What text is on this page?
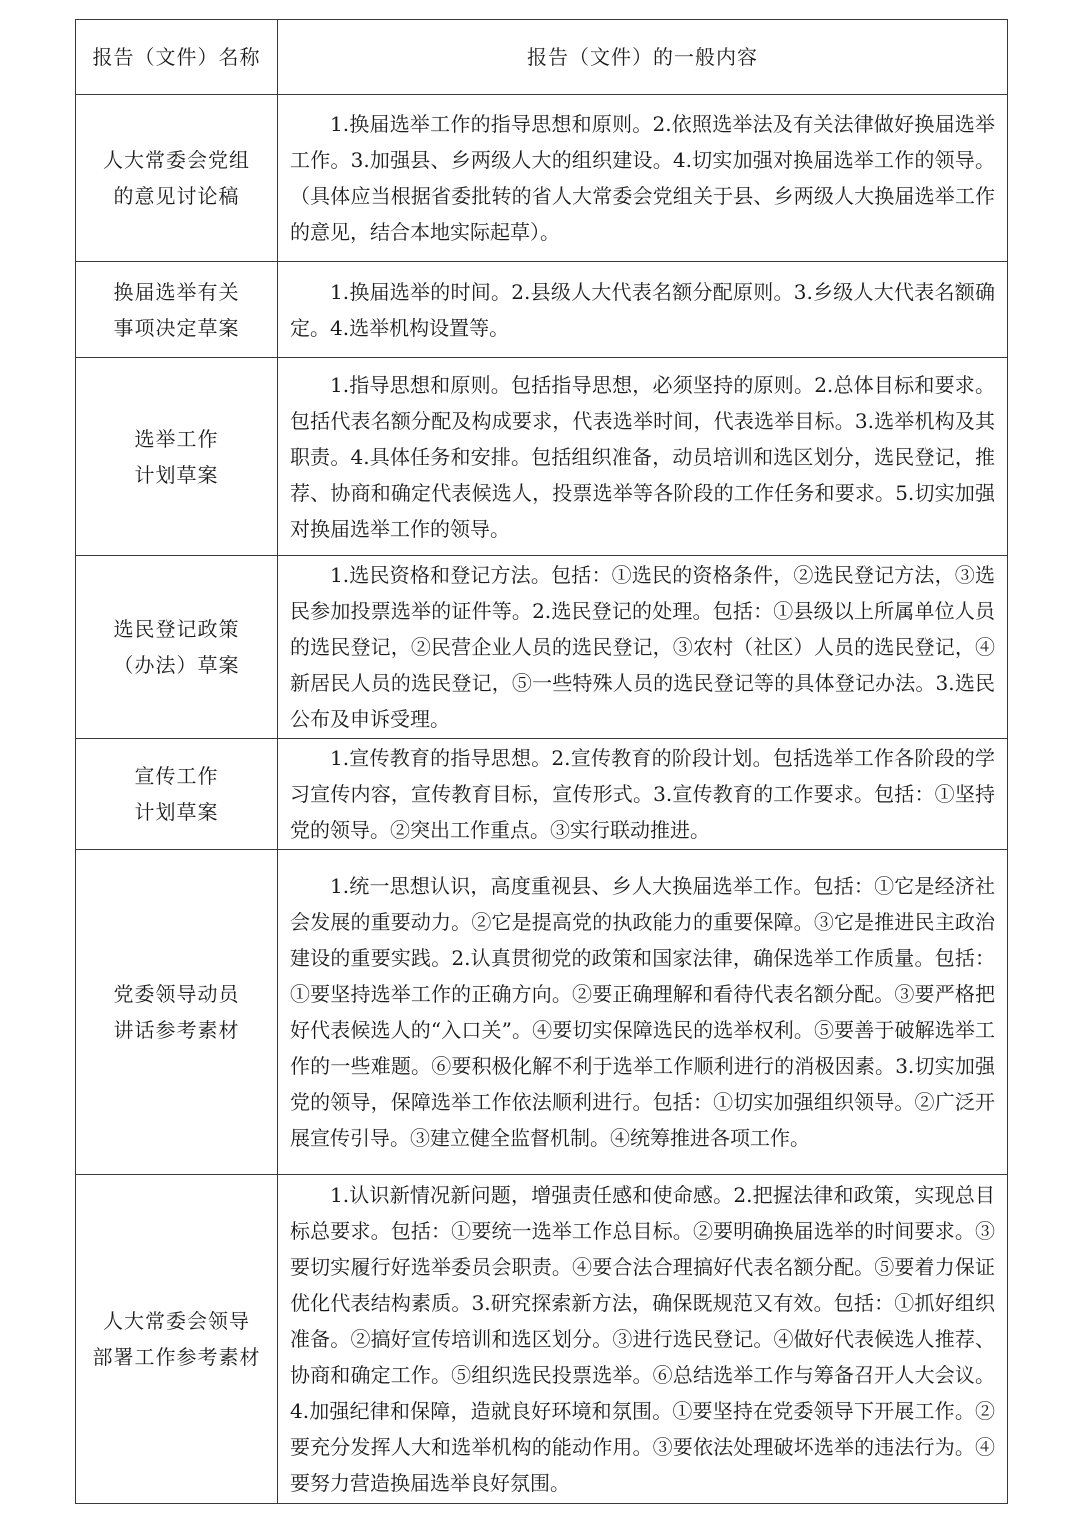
报告（文件）名称	报告（文件）的一般内容

人大常委会党组
的意见讨论稿	1.换届选举工作的指导思想和原则。2.依照选举法及有关法律做好换届选举工作。3.加强县、乡两级人大的组织建设。4.切实加强对换届选举工作的领导。（具体应当根据省委批转的省人大常委会党组关于县、乡两级人大换届选举工作的意见，结合本地实际起草）。

换届选举有关
事项决定草案	1.换届选举的时间。2.县级人大代表名额分配原则。3.乡级人大代表名额确定。4.选举机构设置等。

选举工作
计划草案	1.指导思想和原则。包括指导思想，必须坚持的原则。2.总体目标和要求。包括代表名额分配及构成要求，代表选举时间，代表选举目标。3.选举机构及其职责。4.具体任务和安排。包括组织准备，动员培训和选区划分，选民登记，推荐、协商和确定代表候选人，投票选举等各阶段的工作任务和要求。5.切实加强对换届选举工作的领导。

选民登记政策
（办法）草案	1.选民资格和登记方法。包括：①选民的资格条件，②选民登记方法，③选民参加投票选举的证件等。2.选民登记的处理。包括：①县级以上所属单位人员的选民登记，②民营企业人员的选民登记，③农村（社区）人员的选民登记，④新居民人员的选民登记，⑤一些特殊人员的选民登记等的具体登记办法。3.选民公布及申诉受理。

宣传工作
计划草案	1.宣传教育的指导思想。2.宣传教育的阶段计划。包括选举工作各阶段的学习宣传内容，宣传教育目标，宣传形式。3.宣传教育的工作要求。包括：①坚持党的领导。②突出工作重点。③实行联动推进。

党委领导动员
讲话参考素材	1.统一思想认识，高度重视县、乡人大换届选举工作。包括：①它是经济社会发展的重要动力。②它是提高党的执政能力的重要保障。③它是推进民主政治建设的重要实践。2.认真贯彻党的政策和国家法律，确保选举工作质量。包括：①要坚持选举工作的正确方向。②要正确理解和看待代表名额分配。③要严格把好代表候选人的“入口关”。④要切实保障选民的选举权利。⑤要善于破解选举工作的一些难题。⑥要积极化解不利于选举工作顺利进行的消极因素。3.切实加强党的领导，保障选举工作依法顺利进行。包括：①切实加强组织领导。②广泛开展宣传引导。③建立健全监督机制。④统筹推进各项工作。

人大常委会领导
部署工作参考素材	1.认识新情况新问题，增强责任感和使命感。2.把握法律和政策，实现总目标总要求。包括：①要统一选举工作总目标。②要明确换届选举的时间要求。③要切实履行好选举委员会职责。④要合法合理搞好代表名额分配。⑤要着力保证优化代表结构素质。3.研究探索新方法，确保既规范又有效。包括：①抓好组织准备。②搞好宣传培训和选区划分。③进行选民登记。④做好代表候选人推荐、协商和确定工作。⑤组织选民投票选举。⑥总结选举工作与筹备召开人大会议。4.加强纪律和保障，造就良好环境和氛围。①要坚持在党委领导下开展工作。②要充分发挥人大和选举机构的能动作用。③要依法处理破坏选举的违法行为。④要努力营造换届选举良好氛围。
